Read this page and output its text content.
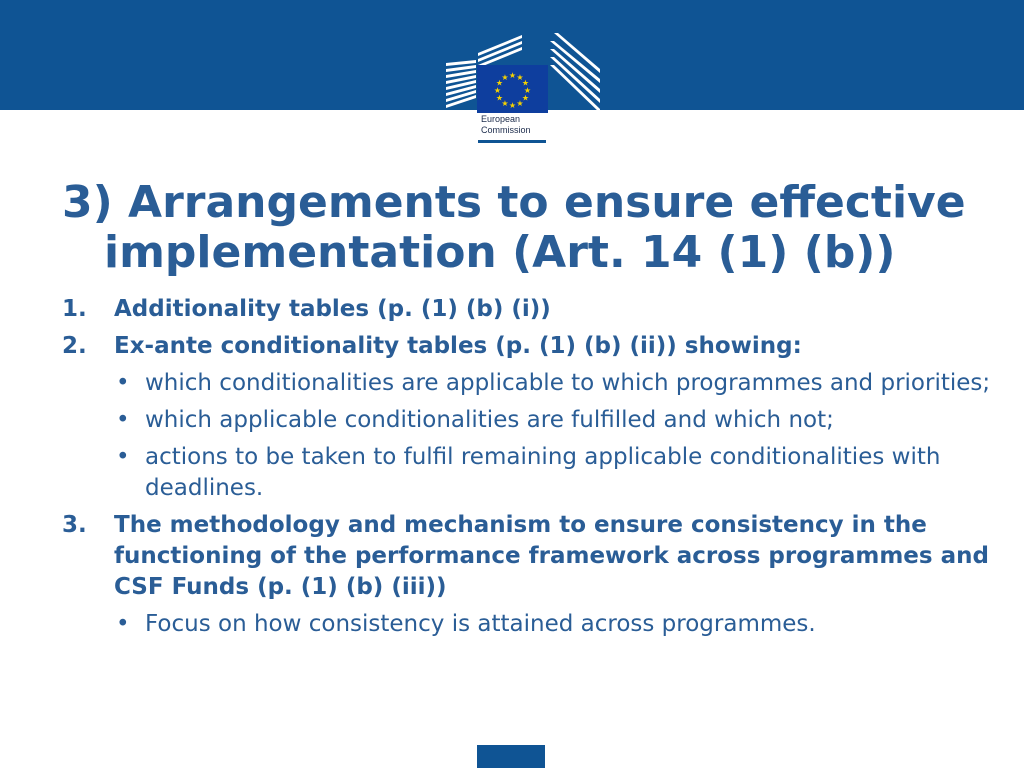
★ ★
★
★
★
★
★
★
★
★
★
★
European
Commission
3) Arrangements to ensure effective
implementation (Art. 14 (1) (b))
1. Additionality tables (p. (1) (b) (i))
2. Ex-ante conditionality tables (p. (1) (b) (ii)) showing:
• which conditionalities are applicable to which programmes and priorities;
• which applicable conditionalities are fulfilled and which not;
• actions to be taken to fulfil remaining applicable conditionalities with deadlines.
3. The methodology and mechanism to ensure consistency in the functioning of the performance framework across programmes and CSF Funds (p. (1) (b) (iii))
• Focus on how consistency is attained across programmes.
